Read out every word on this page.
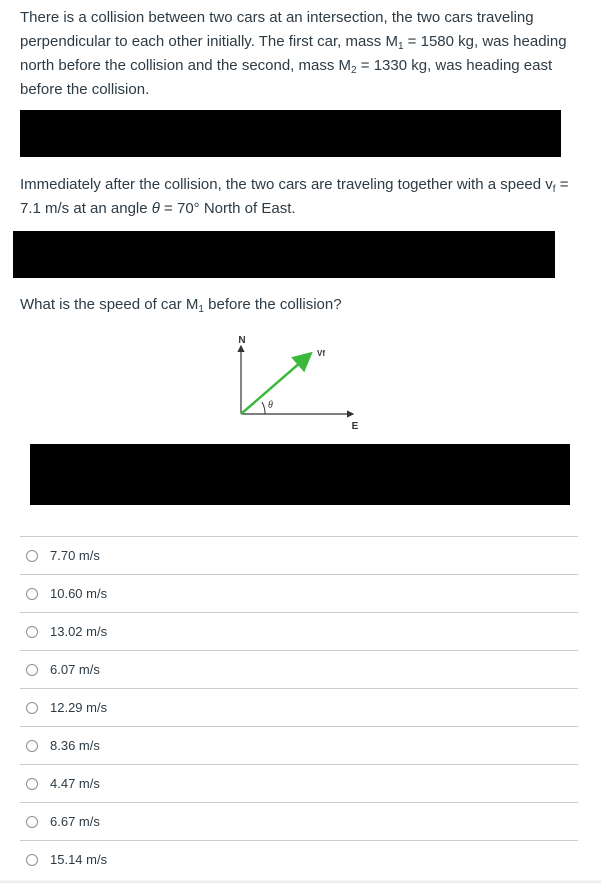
There is a collision between two cars at an intersection, the two cars traveling perpendicular to each other initially. The first car, mass $M_1 = 1580$ kg, was heading north before the collision and the second, mass $M_2 = 1330$ kg, was heading east before the collision.
Immediately after the collision, the two cars are traveling together with a speed $v_f = 7.1$ m/s at an angle θ = 70° North of East.
What is the speed of car $M_1$ before the collision?
N
E
Vf
θ
7.70 m/s
10.60 m/s
13.02 m/s
6.07 m/s
12.29 m/s
8.36 m/s
4.47 m/s
6.67 m/s
15.14 m/s
